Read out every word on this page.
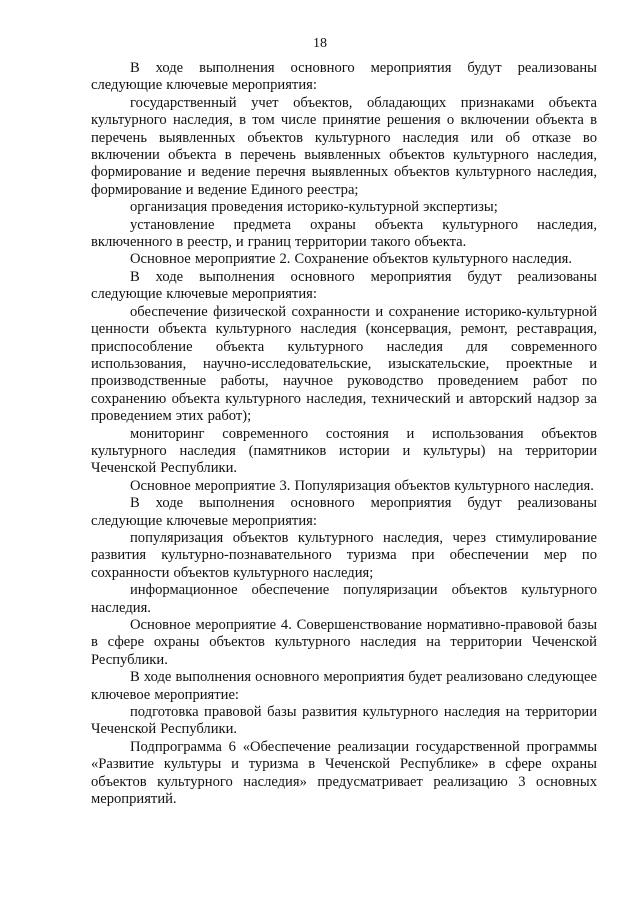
18

В ходе выполнения основного мероприятия будут реализованы следующие ключевые мероприятия:

государственный учет объектов, обладающих признаками объекта культурного наследия, в том числе принятие решения о включении объекта в перечень выявленных объектов культурного наследия или об отказе во включении объекта в перечень выявленных объектов культурного наследия, формирование и ведение перечня выявленных объектов культурного наследия, формирование и ведение Единого реестра;

организация проведения историко-культурной экспертизы;

установление предмета охраны объекта культурного наследия, включенного в реестр, и границ территории такого объекта.

Основное мероприятие 2. Сохранение объектов культурного наследия.

В ходе выполнения основного мероприятия будут реализованы следующие ключевые мероприятия:

обеспечение физической сохранности и сохранение историко-культурной ценности объекта культурного наследия (консервация, ремонт, реставрация, приспособление объекта культурного наследия для современного использования, научно-исследовательские, изыскательские, проектные и производственные работы, научное руководство проведением работ по сохранению объекта культурного наследия, технический и авторский надзор за проведением этих работ);

мониторинг современного состояния и использования объектов культурного наследия (памятников истории и культуры) на территории Чеченской Республики.

Основное мероприятие 3. Популяризация объектов культурного наследия.

В ходе выполнения основного мероприятия будут реализованы следующие ключевые мероприятия:

популяризация объектов культурного наследия, через стимулирование развития культурно-познавательного туризма при обеспечении мер по сохранности объектов культурного наследия;

информационное обеспечение популяризации объектов культурного наследия.

Основное мероприятие 4. Совершенствование нормативно-правовой базы в сфере охраны объектов культурного наследия на территории Чеченской Республики.

В ходе выполнения основного мероприятия будет реализовано следующее ключевое мероприятие:

подготовка правовой базы развития культурного наследия на территории Чеченской Республики.

Подпрограмма 6 «Обеспечение реализации государственной программы «Развитие культуры и туризма в Чеченской Республике» в сфере охраны объектов культурного наследия» предусматривает реализацию 3 основных мероприятий.
